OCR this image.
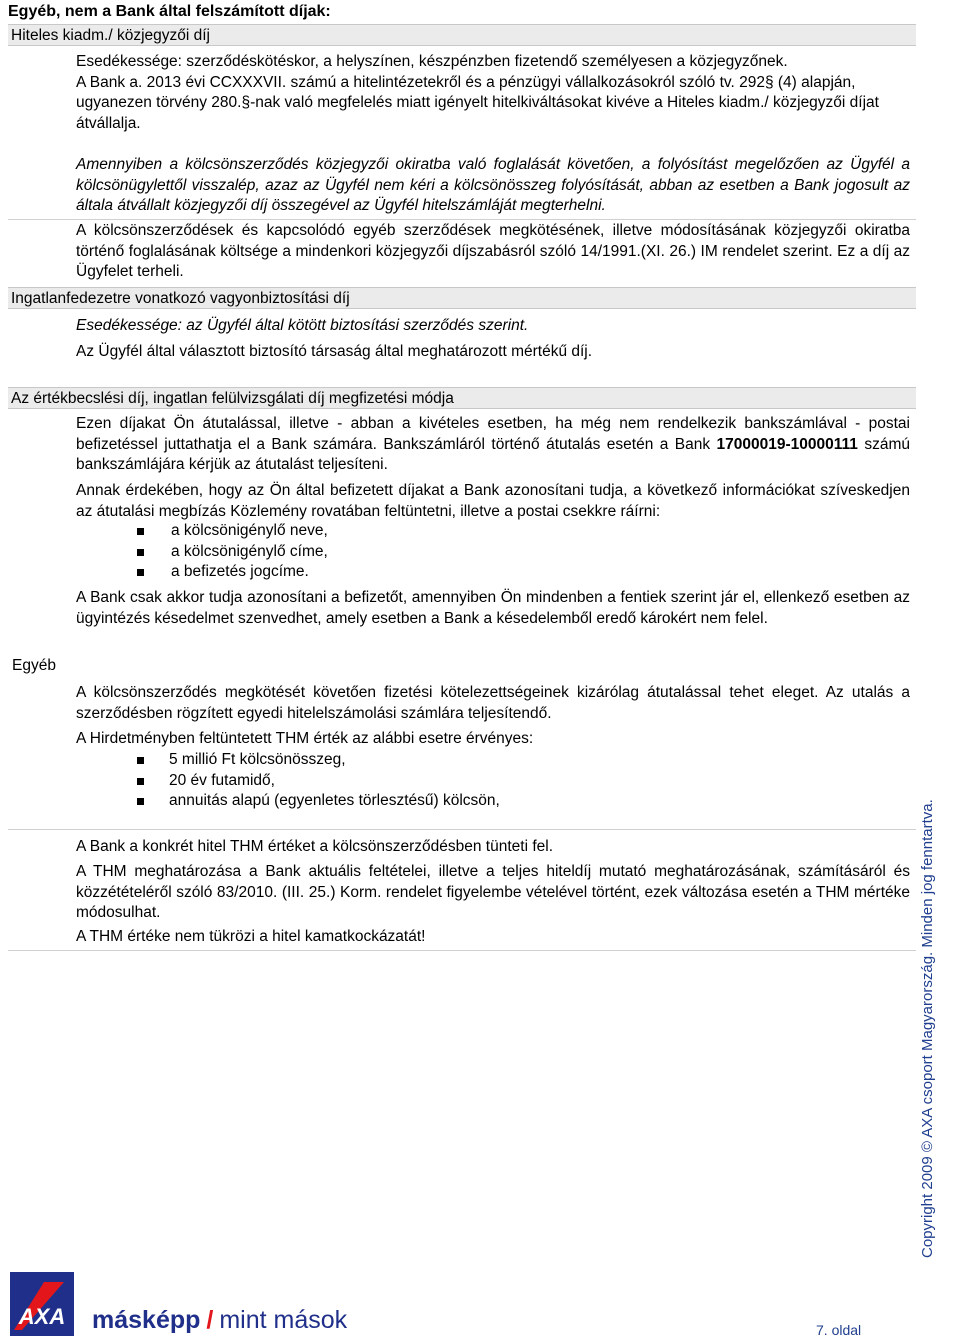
Egyéb, nem a Bank által felszámított díjak:
Hiteles kiadm./ közjegyzői díj

Esedékessége: szerződéskötéskor, a helyszínen, készpénzben fizetendő személyesen a közjegyzőnek.

A Bank a. 2013 évi CCXXXVII. számú a hitelintézetekről és a pénzügyi vállalkozásokról szóló tv. 292§ (4) alapján, ugyanezen törvény 280.§-nak való megfelelés miatt igényelt hitelkiváltásokat kivéve a Hiteles kiadm./ közjegyzői díjat átvállalja.

Amennyiben a kölcsönszerződés közjegyzői okiratba való foglalását követően, a folyósítást megelőzően az Ügyfél a kölcsönügylettől visszalép, azaz az Ügyfél nem kéri a kölcsönösszeg folyósítását, abban az esetben a Bank jogosult az általa átvállalt közjegyzői díj összegével az Ügyfél hitelszámláját megterhelni.

A kölcsönszerződések és kapcsolódó egyéb szerződések megkötésének, illetve módosításának közjegyzői okiratba történő foglalásának költsége a mindenkori közjegyzői díjszabásról szóló 14/1991.(XI. 26.) IM rendelet szerint. Ez a díj az Ügyfelet terheli.

Ingatlanfedezetre vonatkozó vagyonbiztosítási díj
Esedékessége: az Ügyfél által kötött biztosítási szerződés szerint.
Az Ügyfél által választott biztosító társaság által meghatározott mértékű díj.
Az értékbecslési díj, ingatlan felülvizsgálati díj megfizetési módja

Ezen díjakat Ön átutalással, illetve - abban a kivételes esetben, ha még nem rendelkezik bankszámlával - postai befizetéssel juttathatja el a Bank számára. Bankszámláról történő átutalás esetén a Bank 17000019-10000111 számú bankszámlájára kérjük az átutalást teljesíteni.

Annak érdekében, hogy az Ön által befizetett díjakat a Bank azonosítani tudja, a következő információkat szíveskedjen az átutalási megbízás Közlemény rovatában feltüntetni, illetve a postai csekkre ráírni:
a kölcsönigénylő neve,
a kölcsönigénylő címe,
a befizetés jogcíme.
A Bank csak akkor tudja azonosítani a befizetőt, amennyiben Ön mindenben a fentiek szerint jár el, ellenkező esetben az ügyintézés késedelmet szenvedhet, amely esetben a Bank a késedelemből eredő károkért nem felel.
Egyéb
A kölcsönszerződés megkötését követően fizetési kötelezettségeinek kizárólag átutalással tehet eleget. Az utalás a szerződésben rögzített egyedi hitelelszámolási számlára teljesítendő.
A Hirdetményben feltüntetett THM érték az alábbi esetre érvényes:
5 millió Ft kölcsönösszeg,
20 év futamidő,
annuitás alapú (egyenletes törlesztésű) kölcsön,
A Bank a konkrét hitel THM értéket a kölcsönszerződésben tünteti fel.
A THM meghatározása a Bank aktuális feltételei, illetve a teljes hiteldíj mutató meghatározásának, számításáról és közzétételéről szóló 83/2010. (III. 25.) Korm. rendelet figyelembe vételével történt, ezek változása esetén a THM mértéke módosulhat.
A THM értéke nem tükrözi a hitel kamatkockázatát!	Copyright 2009 © AXA csoport Magyarország. Minden jog fenntartva.
AXA másképp / mint mások	7. oldal
